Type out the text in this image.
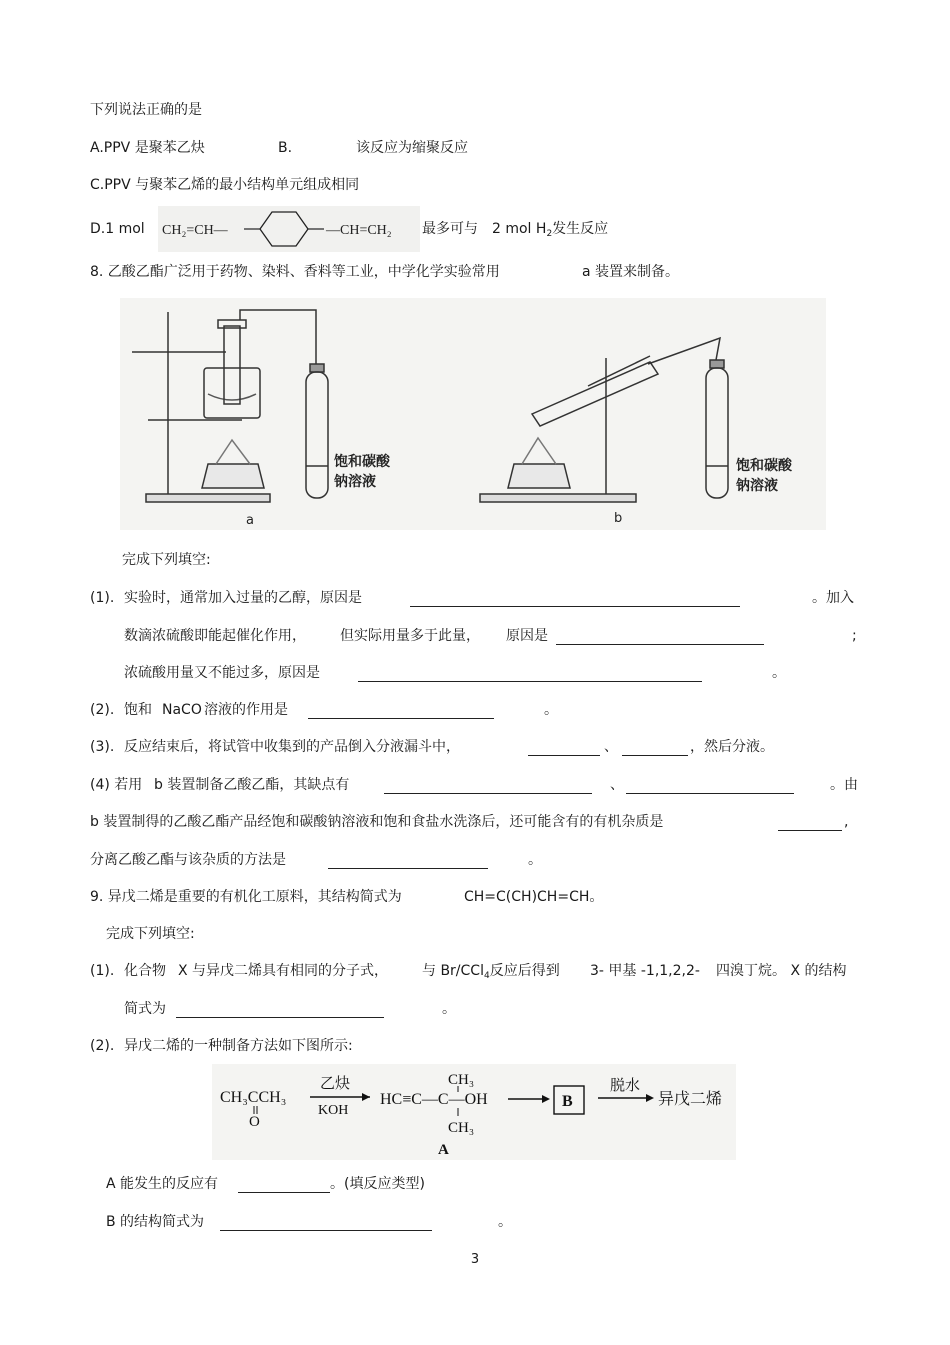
下列说法正确的是
A.PPV 是聚苯乙炔	B.	该反应为缩聚反应
C.PPV 与聚苯乙烯的最小结构单元组成相同
D.1 mol CH₂=CH—	—CH=CH₂ 最多可与 2 mol $H_2$发生反应
8. 乙酸乙酯广泛用于药物、染料、香料等工业，中学化学实验常用	a 装置来制备。
饱和碳酸
钠溶液
饱和碳酸
钠溶液
a	b
完成下列填空:
(1). 实验时，通常加入过量的乙醇，原因是	。加入
数滴浓硫酸即能起催化作用， 但实际用量多于此量， 原因是	;
浓硫酸用量又不能过多，原因是	。
(2). 饱和 NaCO 溶液的作用是	。
(3). 反应结束后，将试管中收集到的产品倒入分液漏斗中，	、	，然后分液。
(4) 若用 b 装置制备乙酸乙酯，其缺点有	、	。由
b 装置制得的乙酸乙酯产品经饱和碳酸钠溶液和饱和食盐水洗涤后，还可能含有的有机杂质是	,
分离乙酸乙酯与该杂质的方法是	。
9. 异戊二烯是重要的有机化工原料，其结构简式为	CH=C(CH)CH=CH。
完成下列填空:
(1). 化合物 X 与异戊二烯具有相同的分子式， 与 Br/CCl$_4$反应后得到 3- 甲基 -1,1,2,2- 四溴丁烷。 X 的结构
简式为	。
(2). 异戊二烯的一种制备方法如下图所示:
CH₃CCH₃
O
乙炔
KOH
CH₃
HC≡C—C—OH
CH₃
A
B
脱水
异戊二烯
A 能发生的反应有	。(填反应类型)
B 的结构简式为	。
3
